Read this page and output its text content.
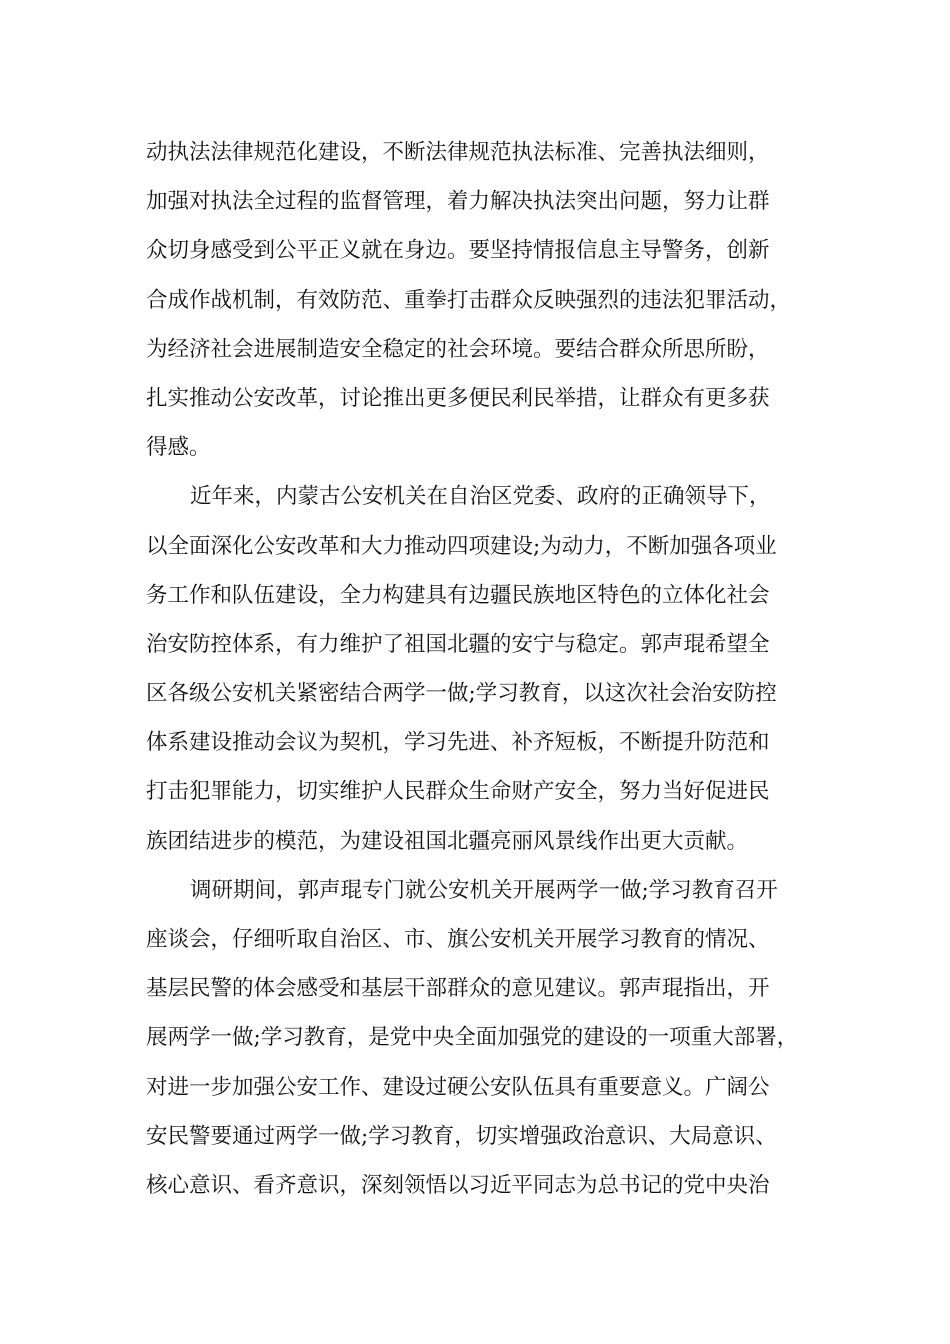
动执法法律规范化建设，不断法律规范执法标准、完善执法细则，
加强对执法全过程的监督管理，着力解决执法突出问题，努力让群
众切身感受到公平正义就在身边。要坚持情报信息主导警务，创新
合成作战机制，有效防范、重拳打击群众反映强烈的违法犯罪活动，
为经济社会进展制造安全稳定的社会环境。要结合群众所思所盼，
扎实推动公安改革，讨论推出更多便民利民举措，让群众有更多获
得感。
近年来，内蒙古公安机关在自治区党委、政府的正确领导下，
以全面深化公安改革和大力推动四项建设;为动力，不断加强各项业
务工作和队伍建设，全力构建具有边疆民族地区特色的立体化社会
治安防控体系，有力维护了祖国北疆的安宁与稳定。郭声琨希望全
区各级公安机关紧密结合两学一做;学习教育，以这次社会治安防控
体系建设推动会议为契机，学习先进、补齐短板，不断提升防范和
打击犯罪能力，切实维护人民群众生命财产安全，努力当好促进民
族团结进步的模范，为建设祖国北疆亮丽风景线作出更大贡献。
调研期间，郭声琨专门就公安机关开展两学一做;学习教育召开
座谈会，仔细听取自治区、市、旗公安机关开展学习教育的情况、
基层民警的体会感受和基层干部群众的意见建议。郭声琨指出，开
展两学一做;学习教育，是党中央全面加强党的建设的一项重大部署，
对进一步加强公安工作、建设过硬公安队伍具有重要意义。广阔公
安民警要通过两学一做;学习教育，切实增强政治意识、大局意识、
核心意识、看齐意识，深刻领悟以习近平同志为总书记的党中央治
